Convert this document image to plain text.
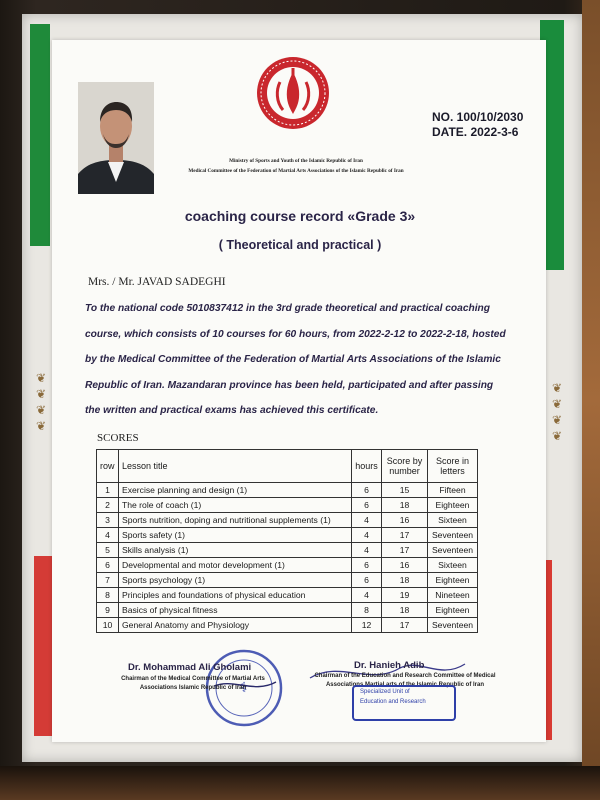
❦
❦
❦
❦
❦
❦
❦
❦
NO. 100/10/2030
DATE. 2022-3-6
Ministry of Sports and Youth of the Islamic Republic of Iran
Medical Committee of the Federation of Martial Arts Associations of the Islamic Republic of Iran
coaching course record «Grade 3»
( Theoretical and practical )
Mrs. / Mr. JAVAD SADEGHI
To the national code 5010837412 in the 3rd grade theoretical and practical coaching
course, which consists of 10 courses for 60 hours, from 2022-2-12 to 2022-2-18, hosted
by the Medical Committee of the Federation of Martial Arts Associations of the Islamic
Republic of Iran. Mazandaran province has been held, participated and after passing
the written and practical exams has achieved this certificate.
SCORES
row	Lesson title	hours	Score by number	Score in letters
1	Exercise planning and design (1)	6	15	Fifteen
2	The role of coach (1)	6	18	Eighteen
3	Sports nutrition, doping and nutritional supplements (1)	4	16	Sixteen
4	Sports safety (1)	4	17	Seventeen
5	Skills analysis (1)	4	17	Seventeen
6	Developmental and motor development (1)	6	16	Sixteen
7	Sports psychology (1)	6	18	Eighteen
8	Principles and foundations of physical education	4	19	Nineteen
9	Basics of physical fitness	8	18	Eighteen
10	General Anatomy and Physiology	12	17	Seventeen
⚕
Dr. Mohammad Ali Gholami
Chairman of the Medical Committee of Martial Arts
Associations Islamic Republic of Iran
Dr. Hanieh Adib
Chairman of the Education and Research Committee of Medical
Associations Martial arts of the Islamic Republic of Iran
Specialized Unit of
Education and Research
